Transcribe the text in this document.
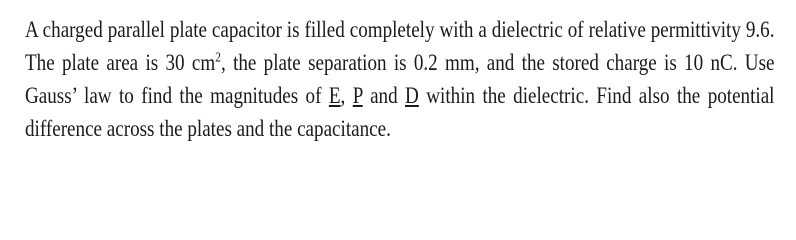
A charged parallel plate capacitor is filled completely with a dielectric of relative permittivity 9.6. The plate area is 30 $cm^2$, the plate separation is 0.2 mm, and the stored charge is 10 nC. Use Gauss’ law to find the magnitudes of E, P and D within the dielectric. Find also the potential difference across the plates and the capacitance.
